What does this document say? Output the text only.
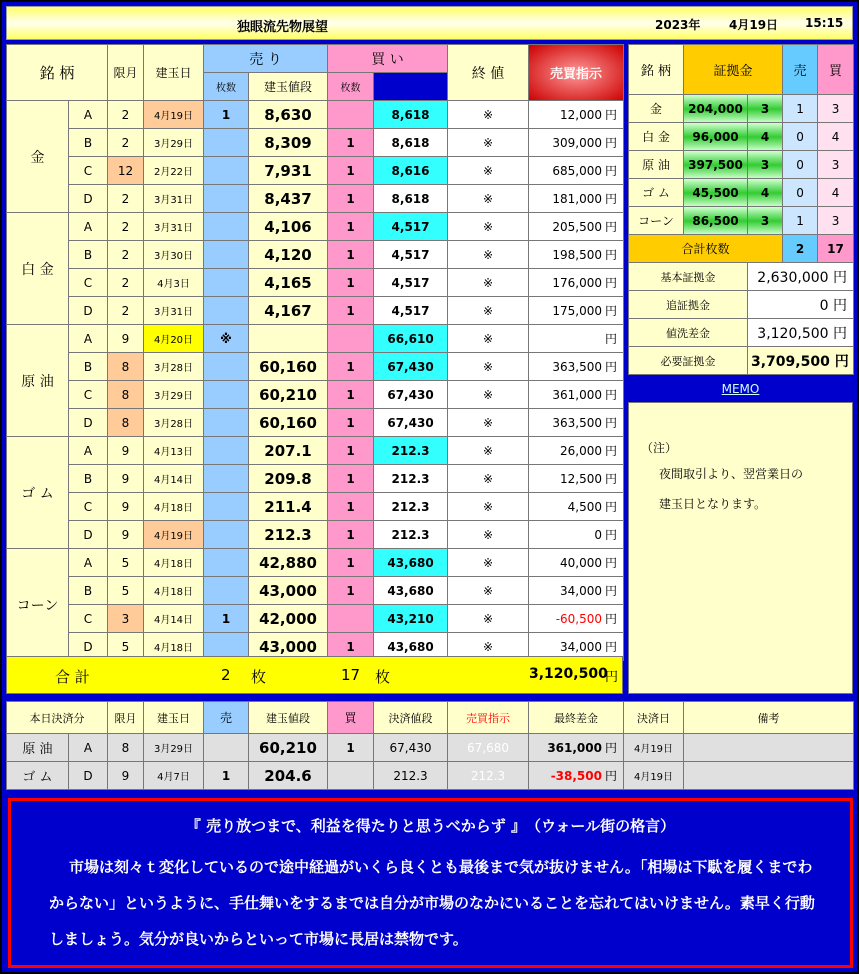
独眼流先物展望	2023年 4月19日 15:15
銘 柄		限月	建玉日	売 り		買 い		終 値	売買指示	
				枚数	建玉値段	枚数				
金	A	2	4月19日	1	8,630		8,618	※	12,000 円	
	B	2	3月29日		8,309	1	8,618	※	309,000 円	
	C	12	2月22日		7,931	1	8,616	※	685,000 円	
	D	2	3月31日		8,437	1	8,618	※	181,000 円	
白 金	A	2	3月31日		4,106	1	4,517	※	205,500 円	
	B	2	3月30日		4,120	1	4,517	※	198,500 円	
	C	2	4月3日		4,165	1	4,517	※	176,000 円	
	D	2	3月31日		4,167	1	4,517	※	175,000 円	
原 油	A	9	4月20日	※			66,610	※	円	
	B	8	3月28日		60,160	1	67,430	※	363,500 円	
	C	8	3月29日		60,210	1	67,430	※	361,000 円	
	D	8	3月28日		60,160	1	67,430	※	363,500 円	
ゴ ム	A	9	4月13日		207.1	1	212.3	※	26,000 円	
	B	9	4月14日		209.8	1	212.3	※	12,500 円	
	C	9	4月18日		211.4	1	212.3	※	4,500 円	
	D	9	4月19日		212.3	1	212.3	※	0 円	
コーン	A	5	4月18日		42,880	1	43,680	※	40,000 円	
	B	5	4月18日		43,000	1	43,680	※	34,000 円	
	C	3	4月14日	1	42,000		43,210	※	-60,500 円	
	D	5	4月18日		43,000	1	43,680	※	34,000 円	
合 計	2 枚	17 枚	3,120,500
円
銘 柄	証拠金		売	買
金	204,000	3	1	3
白 金	96,000	4	0	4
原 油	397,500	3	0	3
ゴ ム	45,500	4	0	4
コーン	86,500	3	1	3
合計枚数			2	17
基本証拠金		2,630,000 円		
追証拠金		0 円		
値洗差金		3,120,500 円		
必要証拠金		3,709,500 円		
MEMO
（注）
夜間取引より、翌営業日の
建玉日となります。
本日決済分		限月	建玉日	売	建玉値段	買	決済値段	売買指示	最終差金	決済日	備考
原 油	A	8	3月29日		60,210	1	67,430	67,680	361,000 円	4月19日	
ゴ ム	D	9	4月7日	1	204.6		212.3	212.3	-38,500 円	4月19日	
『 売り放つまで、利益を得たりと思うべからず 』　（ウォール街の格言）
市場は刻々ｔ変化しているので途中経過がいくら良くとも最後まで気が抜けません。「相場は下駄を履くまでわからない」というように、手仕舞いをするまでは自分が市場のなかにいることを忘れてはいけません。素早く行動しましょう。気分が良いからといって市場に長居は禁物です。
